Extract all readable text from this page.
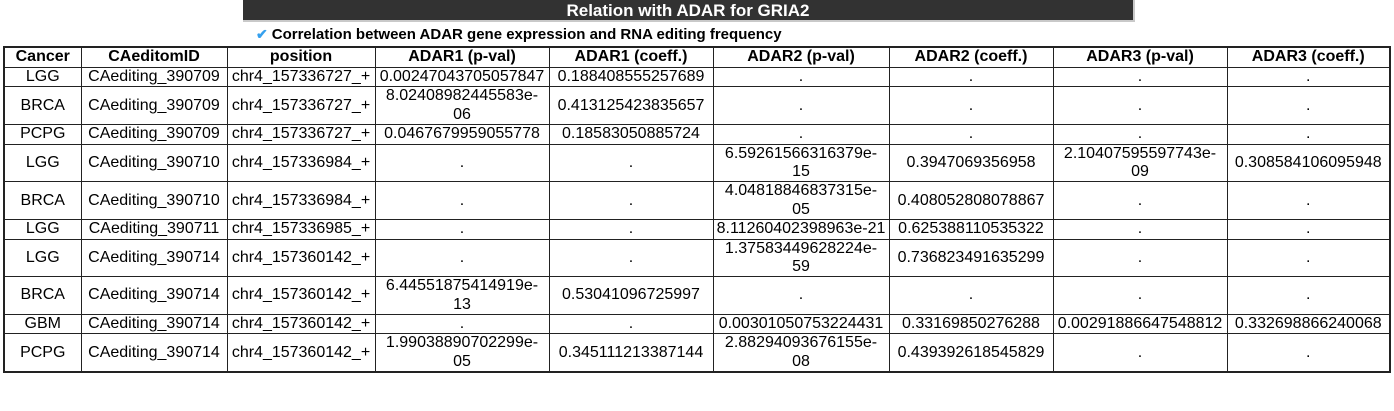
Relation with ADAR for GRIA2
✔ Correlation between ADAR gene expression and RNA editing frequency
Cancer	CAeditomID	position	ADAR1 (p-val)	ADAR1 (coeff.)	ADAR2 (p-val)	ADAR2 (coeff.)	ADAR3 (p-val)	ADAR3 (coeff.)
LGG	CAediting_390709	chr4_157336727_+	0.00247043705057847	0.188408555257689	.	.	.	.
BRCA	CAediting_390709	chr4_157336727_+	8.02408982445583e-06	0.413125423835657	.	.	.	.
PCPG	CAediting_390709	chr4_157336727_+	0.0467679959055778	0.18583050885724	.	.	.	.
LGG	CAediting_390710	chr4_157336984_+	.	.	6.59261566316379e-15	0.3947069356958	2.10407595597743e-09	0.308584106095948
BRCA	CAediting_390710	chr4_157336984_+	.	.	4.04818846837315e-05	0.408052808078867	.	.
LGG	CAediting_390711	chr4_157336985_+	.	.	8.11260402398963e-21	0.625388110535322	.	.
LGG	CAediting_390714	chr4_157360142_+	.	.	1.37583449628224e-59	0.736823491635299	.	.
BRCA	CAediting_390714	chr4_157360142_+	6.44551875414919e-13	0.53041096725997	.	.	.	.
GBM	CAediting_390714	chr4_157360142_+	.	.	0.00301050753224431	0.33169850276288	0.00291886647548812	0.332698866240068
PCPG	CAediting_390714	chr4_157360142_+	1.99038890702299e-05	0.345111213387144	2.88294093676155e-08	0.439392618545829	.	.
